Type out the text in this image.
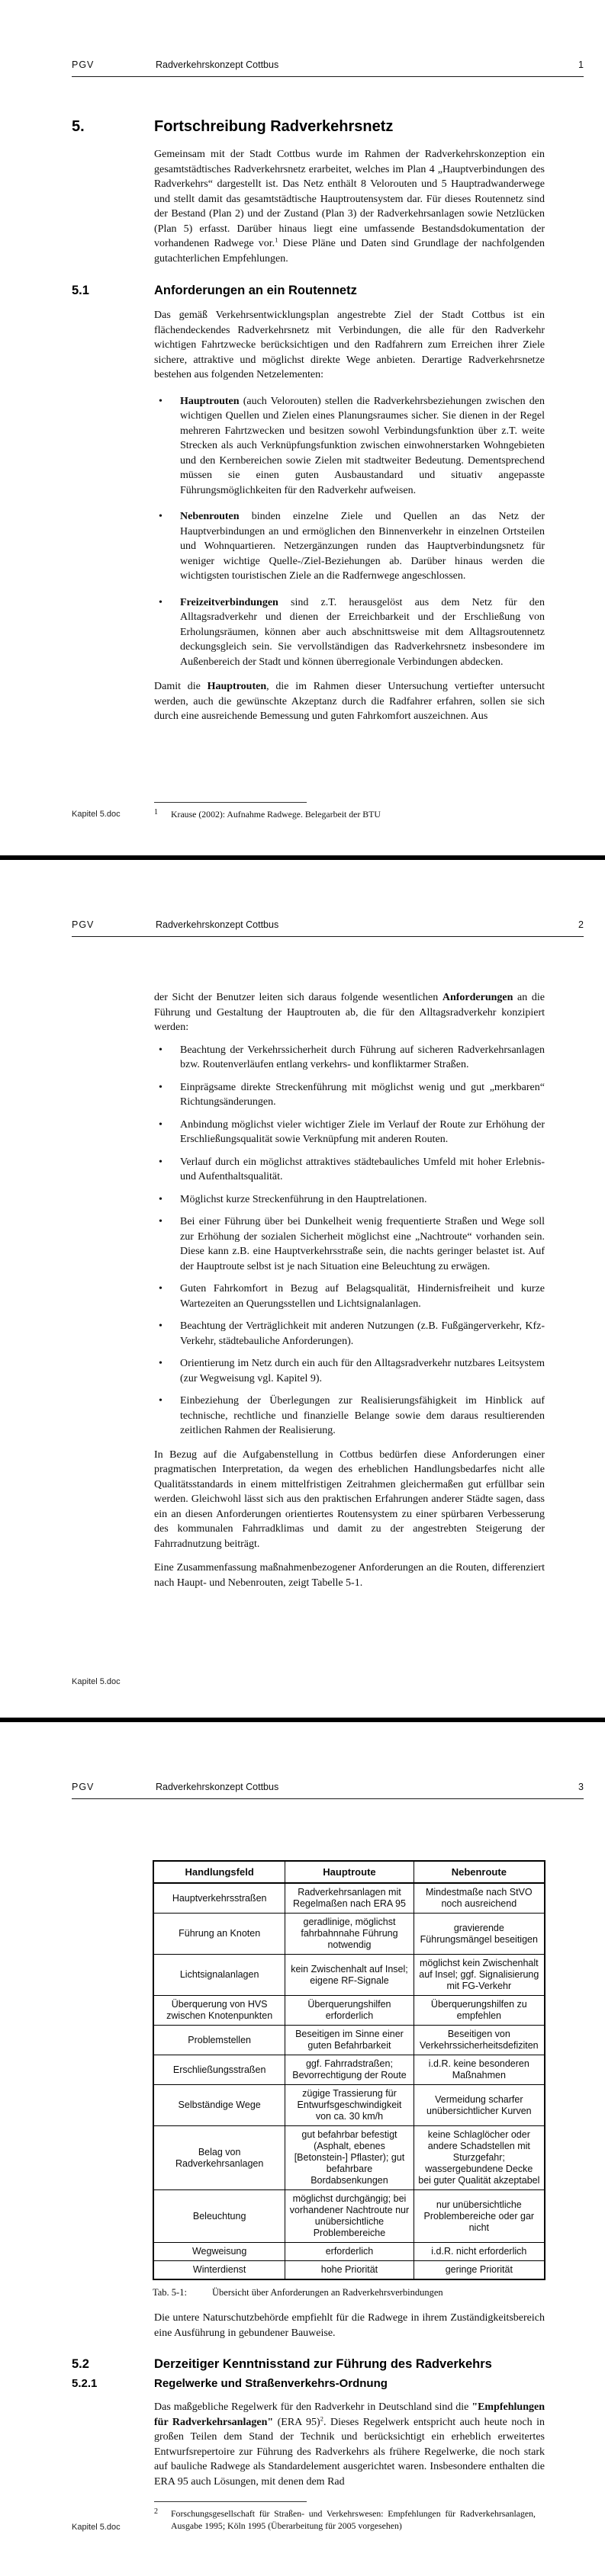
PGV	Radverkehrskonzept Cottbus	1
5.	Fortschreibung Radverkehrsnetz

Gemeinsam mit der Stadt Cottbus wurde im Rahmen der Radverkehrskonzeption ein gesamtstädtisches Radverkehrsnetz erarbeitet, welches im Plan 4 „Hauptverbindungen des Radverkehrs“ dargestellt ist. Das Netz enthält 8 Velorouten und 5 Hauptradwanderwege und stellt damit das gesamtstädtische Hauptroutensystem dar. Für dieses Routennetz sind der Bestand (Plan 2) und der Zustand (Plan 3) der Radverkehrsanlagen sowie Netzlücken (Plan 5) erfasst. Darüber hinaus liegt eine umfassende Bestandsdokumentation der vorhandenen Radwege vor.$^1$ Diese Pläne und Daten sind Grundlage der nachfolgenden gutachterlichen Empfehlungen.

5.1	Anforderungen an ein Routennetz

Das gemäß Verkehrsentwicklungsplan angestrebte Ziel der Stadt Cottbus ist ein flächendeckendes Radverkehrsnetz mit Verbindungen, die alle für den Radverkehr wichtigen Fahrtzwecke berücksichtigen und den Radfahrern zum Erreichen ihrer Ziele sichere, attraktive und möglichst direkte Wege anbieten. Derartige Radverkehrsnetze bestehen aus folgenden Netzelementen:

• Hauptrouten (auch Velorouten) stellen die Radverkehrsbeziehungen zwischen den wichtigen Quellen und Zielen eines Planungsraumes sicher. Sie dienen in der Regel mehreren Fahrtzwecken und besitzen sowohl Verbindungsfunktion über z.T. weite Strecken als auch Verknüpfungsfunktion zwischen einwohnerstarken Wohngebieten und den Kernbereichen sowie Zielen mit stadtweiter Bedeutung. Dementsprechend müssen sie einen guten Ausbaustandard und situativ angepasste Führungsmöglichkeiten für den Radverkehr aufweisen.
• Nebenrouten binden einzelne Ziele und Quellen an das Netz der Hauptverbindungen an und ermöglichen den Binnenverkehr in einzelnen Ortsteilen und Wohnquartieren. Netzergänzungen runden das Hauptverbindungsnetz für weniger wichtige Quelle-/Ziel-Beziehungen ab. Darüber hinaus werden die wichtigsten touristischen Ziele an die Radfernwege angeschlossen.
• Freizeitverbindungen sind z.T. herausgelöst aus dem Netz für den Alltagsradverkehr und dienen der Erreichbarkeit und der Erschließung von Erholungsräumen, können aber auch abschnittsweise mit dem Alltagsroutennetz deckungsgleich sein. Sie vervollständigen das Radverkehrsnetz insbesondere im Außenbereich der Stadt und können überregionale Verbindungen abdecken.

Damit die Hauptrouten, die im Rahmen dieser Untersuchung vertiefter untersucht werden, auch die gewünschte Akzeptanz durch die Radfahrer erfahren, sollen sie sich durch eine ausreichende Bemessung und guten Fahrkomfort auszeichnen. Aus

1	Krause (2002): Aufnahme Radwege. Belegarbeit der BTU
Kapitel 5.doc
PGV	Radverkehrskonzept Cottbus	2

der Sicht der Benutzer leiten sich daraus folgende wesentlichen Anforderungen an die Führung und Gestaltung der Hauptrouten ab, die für den Alltagsradverkehr konzipiert werden:

• Beachtung der Verkehrssicherheit durch Führung auf sicheren Radverkehrsanlagen bzw. Routenverläufen entlang verkehrs- und konfliktarmer Straßen.
• Einprägsame direkte Streckenführung mit möglichst wenig und gut „merkbaren“ Richtungsänderungen.
• Anbindung möglichst vieler wichtiger Ziele im Verlauf der Route zur Erhöhung der Erschließungsqualität sowie Verknüpfung mit anderen Routen.
• Verlauf durch ein möglichst attraktives städtebauliches Umfeld mit hoher Erlebnis- und Aufenthaltsqualität.
• Möglichst kurze Streckenführung in den Hauptrelationen.
• Bei einer Führung über bei Dunkelheit wenig frequentierte Straßen und Wege soll zur Erhöhung der sozialen Sicherheit möglichst eine „Nachtroute“ vorhanden sein. Diese kann z.B. eine Hauptverkehrsstraße sein, die nachts geringer belastet ist. Auf der Hauptroute selbst ist je nach Situation eine Beleuchtung zu erwägen.
• Guten Fahrkomfort in Bezug auf Belagsqualität, Hindernisfreiheit und kurze Wartezeiten an Querungsstellen und Lichtsignalanlagen.
• Beachtung der Verträglichkeit mit anderen Nutzungen (z.B. Fußgängerverkehr, Kfz-Verkehr, städtebauliche Anforderungen).
• Orientierung im Netz durch ein auch für den Alltagsradverkehr nutzbares Leitsystem (zur Wegweisung vgl. Kapitel 9).
• Einbeziehung der Überlegungen zur Realisierungsfähigkeit im Hinblick auf technische, rechtliche und finanzielle Belange sowie dem daraus resultierenden zeitlichen Rahmen der Realisierung.

In Bezug auf die Aufgabenstellung in Cottbus bedürfen diese Anforderungen einer pragmatischen Interpretation, da wegen des erheblichen Handlungsbedarfes nicht alle Qualitätsstandards in einem mittelfristigen Zeitrahmen gleichermaßen gut erfüllbar sein werden. Gleichwohl lässt sich aus den praktischen Erfahrungen anderer Städte sagen, dass ein an diesen Anforderungen orientiertes Routensystem zu einer spürbaren Verbesserung des kommunalen Fahrradklimas und damit zu der angestrebten Steigerung der Fahrradnutzung beiträgt.

Eine Zusammenfassung maßnahmenbezogener Anforderungen an die Routen, differenziert nach Haupt- und Nebenrouten, zeigt Tabelle 5-1.

Kapitel 5.doc
PGV	Radverkehrskonzept Cottbus	3
Handlungsfeld	Hauptroute	Nebenroute
Hauptverkehrsstraßen	Radverkehrsanlagen mit Regelmaßen nach ERA 95	Mindestmaße nach StVO noch ausreichend
Führung an Knoten	geradlinige, möglichst fahrbahnnahe Führung notwendig	gravierende Führungsmängel beseitigen
Lichtsignalanlagen	kein Zwischenhalt auf Insel; eigene RF-Signale	möglichst kein Zwischenhalt auf Insel; ggf. Signalisierung mit FG-Verkehr
Überquerung von HVS zwischen Knotenpunkten	Überquerungshilfen erforderlich	Überquerungshilfen zu empfehlen
Problemstellen	Beseitigen im Sinne einer guten Befahrbarkeit	Beseitigen von Verkehrssicherheitsdefiziten
Erschließungsstraßen	ggf. Fahrradstraßen; Bevorrechtigung der Route	i.d.R. keine besonderen Maßnahmen
Selbständige Wege	zügige Trassierung für Entwurfsgeschwindigkeit von ca. 30 km/h	Vermeidung scharfer unübersichtlicher Kurven
Belag von Radverkehrsanlagen	gut befahrbar befestigt (Asphalt, ebenes [Betonstein-] Pflaster); gut befahrbare Bordabsenkungen	keine Schlaglöcher oder andere Schadstellen mit Sturzgefahr; wassergebundene Decke bei guter Qualität akzeptabel
Beleuchtung	möglichst durchgängig; bei vorhandener Nachtroute nur unübersichtliche Problembereiche	nur unübersichtliche Problembereiche oder gar nicht
Wegweisung	erforderlich	i.d.R. nicht erforderlich
Winterdienst	hohe Priorität	geringe Priorität
Tab. 5-1:	Übersicht über Anforderungen an Radverkehrsverbindungen

Die untere Naturschutzbehörde empfiehlt für die Radwege in ihrem Zuständigkeitsbereich eine Ausführung in gebundener Bauweise.

5.2	Derzeitiger Kenntnisstand zur Führung des Radverkehrs
5.2.1	Regelwerke und Straßenverkehrs-Ordnung

Das maßgebliche Regelwerk für den Radverkehr in Deutschland sind die "Empfehlungen für Radverkehrsanlagen" (ERA 95)$^2$. Dieses Regelwerk entspricht auch heute noch in großen Teilen dem Stand der Technik und berücksichtigt ein erheblich erweitertes Entwurfsrepertoire zur Führung des Radverkehrs als frühere Regelwerke, die noch stark auf bauliche Radwege als Standardelement ausgerichtet waren. Insbesondere enthalten die ERA 95 auch Lösungen, mit denen dem Rad

2	Forschungsgesellschaft für Straßen- und Verkehrswesen: Empfehlungen für Radverkehrsanlagen, Ausgabe 1995; Köln 1995 (Überarbeitung für 2005 vorgesehen)
Kapitel 5.doc
